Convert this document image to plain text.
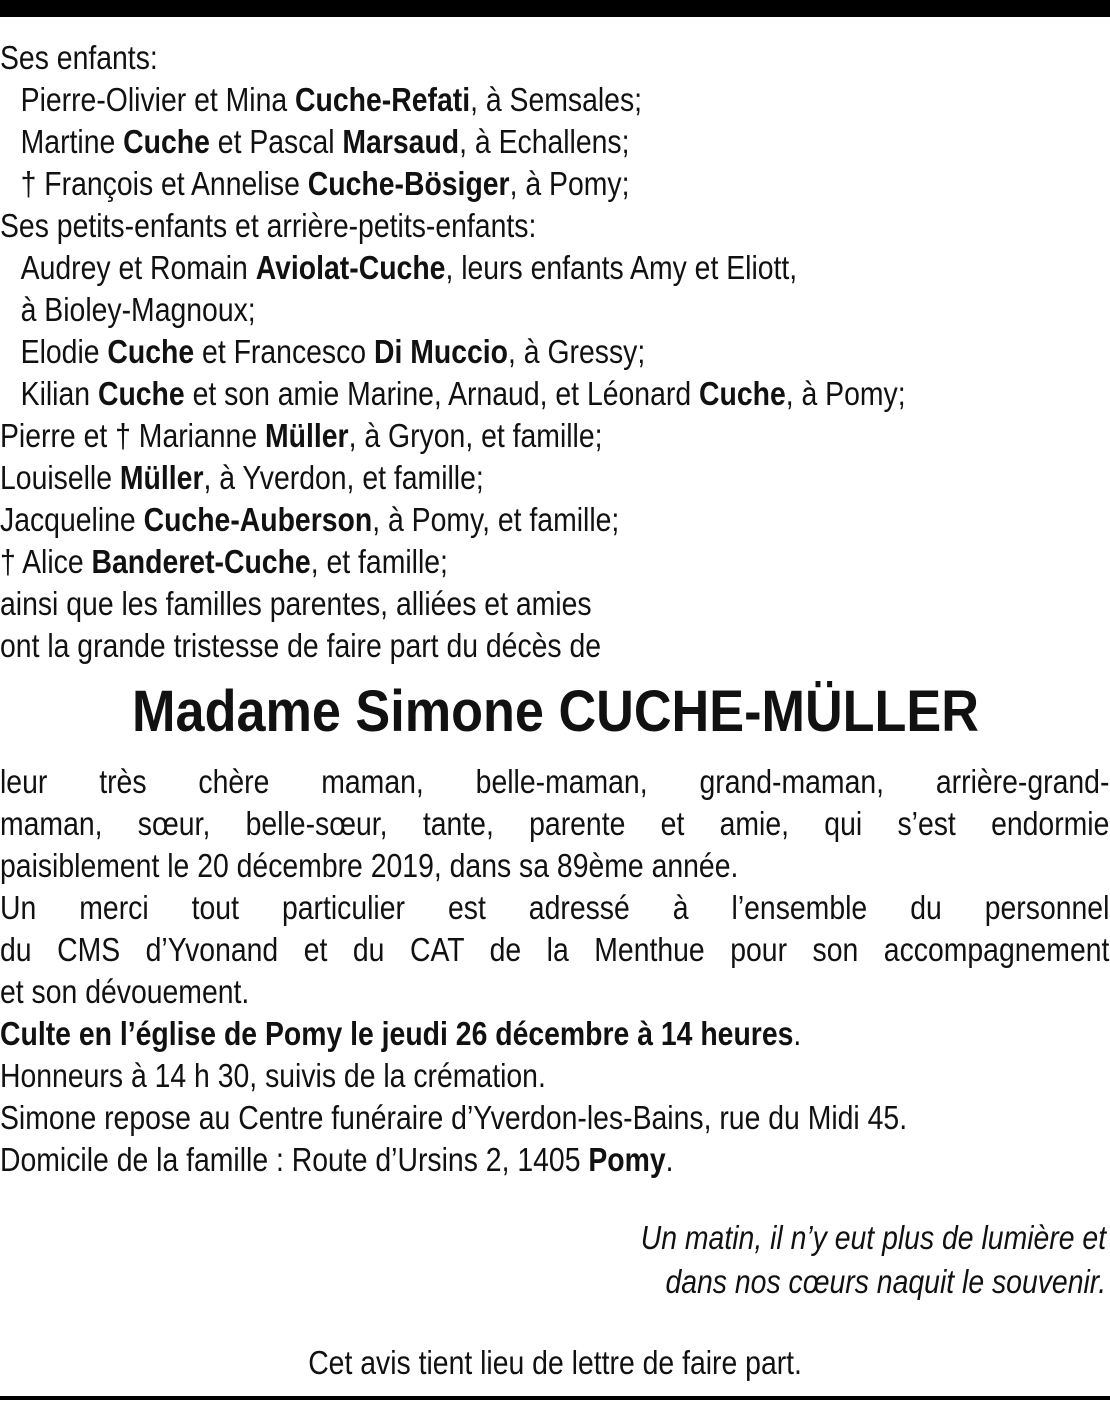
Ses enfants:
Pierre-Olivier et Mina Cuche-Refati, à Semsales;
Martine Cuche et Pascal Marsaud, à Echallens;
† François et Annelise Cuche-Bösiger, à Pomy;
Ses petits-enfants et arrière-petits-enfants:
Audrey et Romain Aviolat-Cuche, leurs enfants Amy et Eliott,
à Bioley-Magnoux;
Elodie Cuche et Francesco Di Muccio, à Gressy;
Kilian Cuche et son amie Marine, Arnaud, et Léonard Cuche, à Pomy;
Pierre et † Marianne Müller, à Gryon, et famille;
Louiselle Müller, à Yverdon, et famille;
Jacqueline Cuche-Auberson, à Pomy, et famille;
† Alice Banderet-Cuche, et famille;
ainsi que les familles parentes, alliées et amies
ont la grande tristesse de faire part du décès de
Madame Simone CUCHE-MÜLLER
leur très chère maman, belle-maman, grand-maman, arrière-grand-
maman, sœur, belle-sœur, tante, parente et amie, qui s’est endormie
paisiblement le 20 décembre 2019, dans sa 89ème année.
Un merci tout particulier est adressé à l’ensemble du personnel
du CMS d’Yvonand et du CAT de la Menthue pour son accompagnement
et son dévouement.
Culte en l’église de Pomy le jeudi 26 décembre à 14 heures.
Honneurs à 14 h 30, suivis de la crémation.
Simone repose au Centre funéraire d’Yverdon-les-Bains, rue du Midi 45.
Domicile de la famille : Route d’Ursins 2, 1405 Pomy.
Un matin, il n’y eut plus de lumière et
dans nos cœurs naquit le souvenir.
Cet avis tient lieu de lettre de faire part.
